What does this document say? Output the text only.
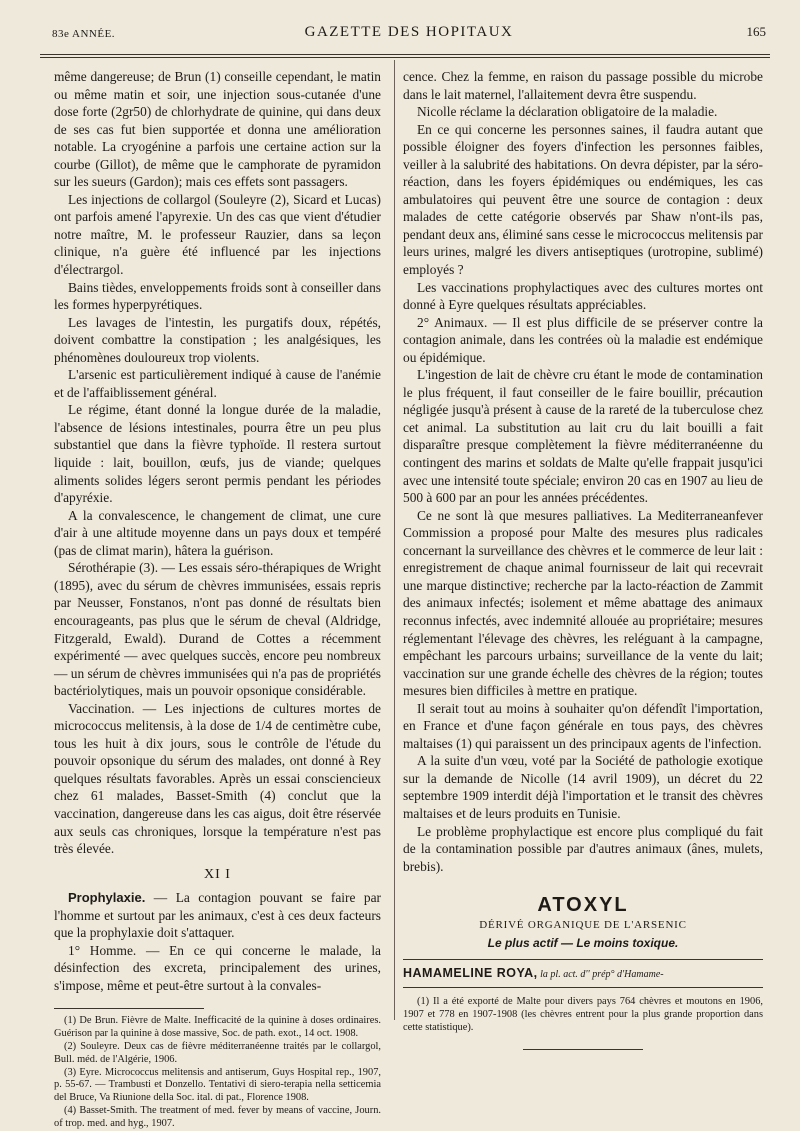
83e ANNÉE.	GAZETTE DES HOPITAUX	165

même dangereuse; de Brun (1) conseille cependant, le matin ou même matin et soir, une injection sous-cutanée d'une dose forte (2gr50) de chlorhydrate de quinine, qui dans deux de ses cas fut bien supportée et donna une amélioration notable. La cryogénine a parfois une certaine action sur la courbe (Gillot), de même que le camphorate de pyramidon sur les sueurs (Gardon); mais ces effets sont passagers.

Les injections de collargol (Souleyre (2), Sicard et Lucas) ont parfois amené l'apyrexie. Un des cas que vient d'étudier notre maître, M. le professeur Rauzier, dans sa leçon clinique, n'a guère été influencé par les injections d'électrargol.

Bains tièdes, enveloppements froids sont à conseiller dans les formes hyperpyrétiques.

Les lavages de l'intestin, les purgatifs doux, répétés, doivent combattre la constipation ; les analgésiques, les phénomènes douloureux trop violents.

L'arsenic est particulièrement indiqué à cause de l'anémie et de l'affaiblissement général.

Le régime, étant donné la longue durée de la maladie, l'absence de lésions intestinales, pourra être un peu plus substantiel que dans la fièvre typhoïde. Il restera surtout liquide : lait, bouillon, œufs, jus de viande; quelques aliments solides légers seront permis pendant les périodes d'apyréxie.

A la convalescence, le changement de climat, une cure d'air à une altitude moyenne dans un pays doux et tempéré (pas de climat marin), hâtera la guérison.

Sérothérapie (3). — Les essais séro-thérapiques de Wright (1895), avec du sérum de chèvres immunisées, essais repris par Neusser, Fonstanos, n'ont pas donné de résultats bien encourageants, pas plus que le sérum de cheval (Aldridge, Fitzgerald, Ewald). Durand de Cottes a récemment expérimenté — avec quelques succès, encore peu nombreux — un sérum de chèvres immunisées qui n'a pas de propriétés bactériolytiques, mais un pouvoir opsonique considérable.

Vaccination. — Les injections de cultures mortes de micrococcus melitensis, à la dose de 1/4 de centimètre cube, tous les huit à dix jours, sous le contrôle de l'étude du pouvoir opsonique du sérum des malades, ont donné à Rey quelques résultats favorables. Après un essai consciencieux chez 61 malades, Basset-Smith (4) conclut que la vaccination, dangereuse dans les cas aigus, doit être réservée aux seuls cas chroniques, lorsque la température n'est pas très élevée.

XI I

Prophylaxie. — La contagion pouvant se faire par l'homme et surtout par les animaux, c'est à ces deux facteurs que la prophylaxie doit s'attaquer.

1° Homme. — En ce qui concerne le malade, la désinfection des excreta, principalement des urines, s'impose, même et peut-être surtout à la convales-

(1) De Brun. Fièvre de Malte. Inefficacité de la quinine à doses ordinaires. Guérison par la quinine à dose massive, Soc. de path. exot., 14 oct. 1908.

(2) Souleyre. Deux cas de fièvre méditerranéenne traités par le collargol, Bull. méd. de l'Algérie, 1906.

(3) Eyre. Micrococcus melitensis and antiserum, Guys Hospital rep., 1907, p. 55-67. — Trambusti et Donzello. Tentativi di siero-terapia nella setticemia del Bruce, Va Riunione della Soc. ital. di pat., Florence 1908.

(4) Basset-Smith. The treatment of med. fever by means of vaccine, Journ. of trop. med. and hyg., 1907.

cence. Chez la femme, en raison du passage possible du microbe dans le lait maternel, l'allaitement devra être suspendu.

Nicolle réclame la déclaration obligatoire de la maladie.

En ce qui concerne les personnes saines, il faudra autant que possible éloigner des foyers d'infection les personnes faibles, veiller à la salubrité des habitations. On devra dépister, par la séro-réaction, dans les foyers épidémiques ou endémiques, les cas ambulatoires qui peuvent être une source de contagion : deux malades de cette catégorie observés par Shaw n'ont-ils pas, pendant deux ans, éliminé sans cesse le micrococcus melitensis par leurs urines, malgré les divers antiseptiques (urotropine, sublimé) employés ?

Les vaccinations prophylactiques avec des cultures mortes ont donné à Eyre quelques résultats appréciables.

2° Animaux. — Il est plus difficile de se préserver contre la contagion animale, dans les contrées où la maladie est endémique ou épidémique.

L'ingestion de lait de chèvre cru étant le mode de contamination le plus fréquent, il faut conseiller de le faire bouillir, précaution négligée jusqu'à présent à cause de la rareté de la tuberculose chez cet animal. La substitution au lait cru du lait bouilli a fait disparaître presque complètement la fièvre méditerranéenne du contingent des marins et soldats de Malte qu'elle frappait jusqu'ici avec une intensité toute spéciale; environ 20 cas en 1907 au lieu de 500 à 600 par an pour les années précédentes.

Ce ne sont là que mesures palliatives. La Mediterraneanfever Commission a proposé pour Malte des mesures plus radicales concernant la surveillance des chèvres et le commerce de leur lait : enregistrement de chaque animal fournisseur de lait qui recevrait une marque distinctive; recherche par la lacto-réaction de Zammit des animaux infectés; isolement et même abattage des animaux reconnus infectés, avec indemnité allouée au propriétaire; mesures réglementant l'élevage des chèvres, les reléguant à la campagne, empêchant les parcours urbains; surveillance de la vente du lait; vaccination sur une grande échelle des chèvres de la région; toutes mesures bien difficiles à mettre en pratique.

Il serait tout au moins à souhaiter qu'on défendît l'importation, en France et d'une façon générale en tous pays, des chèvres maltaises (1) qui paraissent un des principaux agents de l'infection.

A la suite d'un vœu, voté par la Société de pathologie exotique sur la demande de Nicolle (14 avril 1909), un décret du 22 septembre 1909 interdit déjà l'importation et le transit des chèvres maltaises et de leurs produits en Tunisie.

Le problème prophylactique est encore plus compliqué du fait de la contamination possible par d'autres animaux (ânes, mulets, brebis).

ATOXYL
DÉRIVÉ ORGANIQUE DE L'ARSENIC
Le plus actif — Le moins toxique.
HAMAMELINE ROYA, la pl. act. d'' prép° d'Hamame-

(1) Il a été exporté de Malte pour divers pays 764 chèvres et moutons en 1906, 1907 et 778 en 1907-1908 (les chèvres entrent pour la plus grande proportion dans cette statistique).
